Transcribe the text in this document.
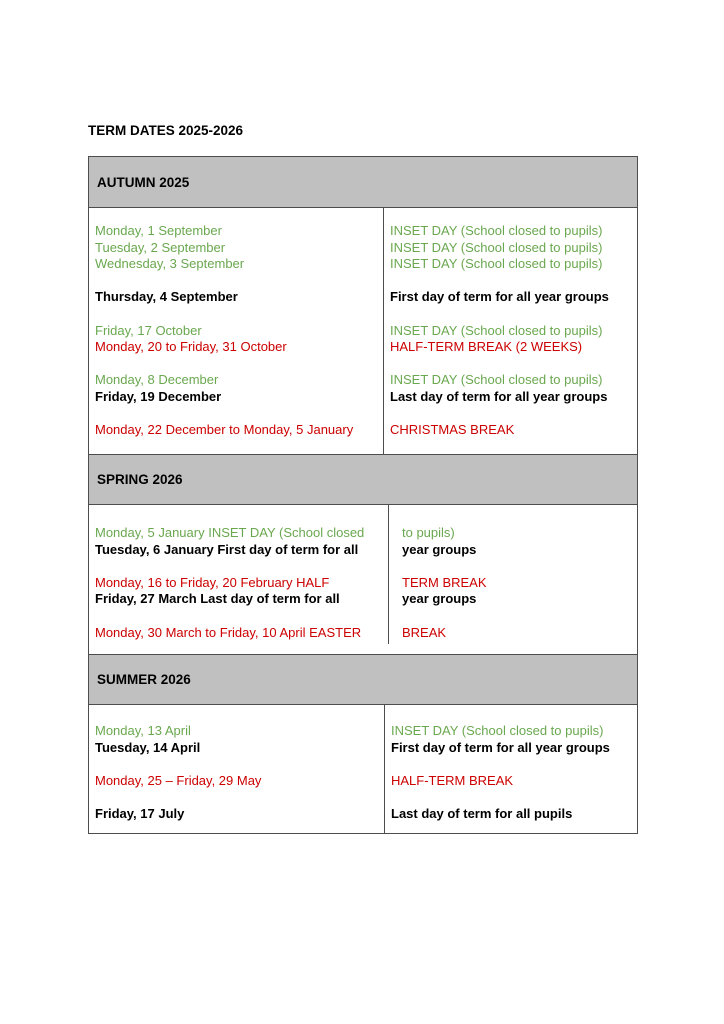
TERM DATES 2025-2026
AUTUMN 2025
Monday, 1 September
Tuesday, 2 September
Wednesday, 3 September
Thursday, 4 September
Friday, 17 October
Monday, 20 to Friday, 31 October
Monday, 8 December
Friday, 19 December
Monday, 22 December to Monday, 5 January
INSET DAY (School closed to pupils)
INSET DAY (School closed to pupils)
INSET DAY (School closed to pupils)
First day of term for all year groups
INSET DAY (School closed to pupils)
HALF-TERM BREAK (2 WEEKS)
INSET DAY (School closed to pupils)
Last day of term for all year groups
CHRISTMAS BREAK
SPRING 2026
Monday, 5 January INSET DAY (School closed
Tuesday, 6 January First day of term for all
Monday, 16 to Friday, 20 February HALF
Friday, 27 March Last day of term for all
Monday, 30 March to Friday, 10 April EASTER
to pupils)
year groups
TERM BREAK
year groups
BREAK
SUMMER 2026
Monday, 13 April
Tuesday, 14 April
Monday, 25 – Friday, 29 May
Friday, 17 July
INSET DAY (School closed to pupils)
First day of term for all year groups
HALF-TERM BREAK
Last day of term for all pupils
